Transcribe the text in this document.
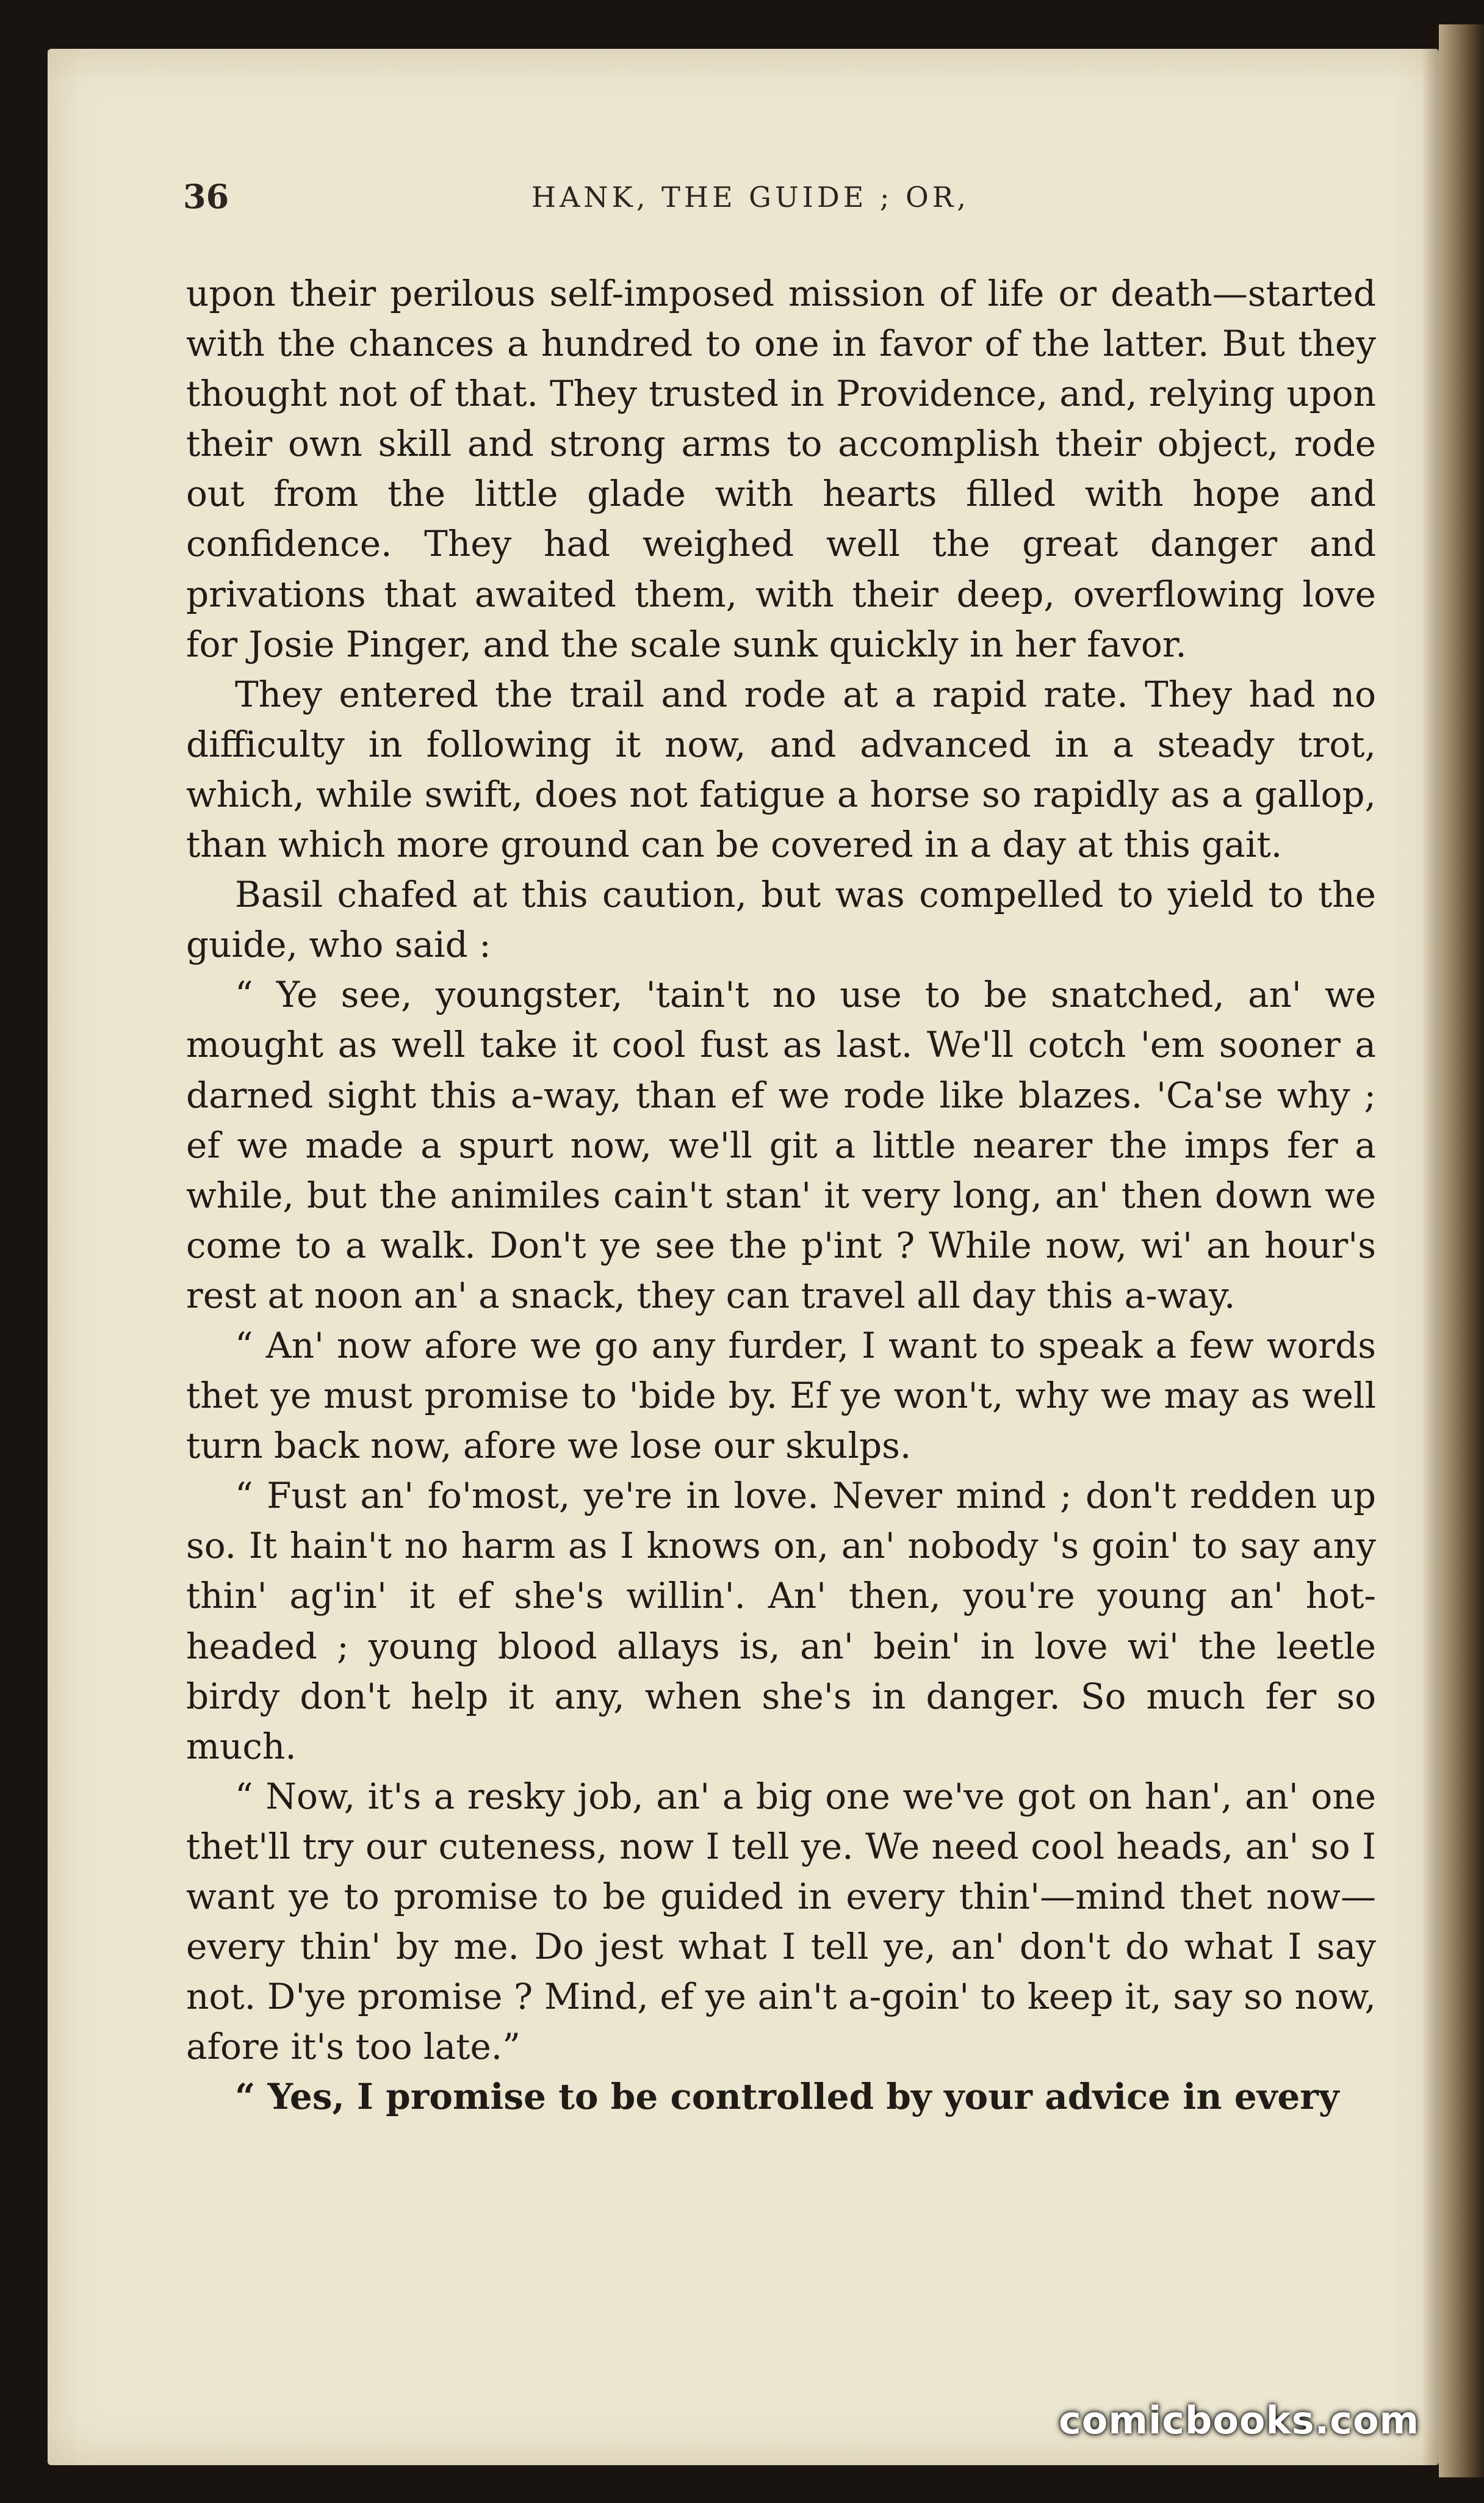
36	HANK, THE GUIDE ; OR,

upon their perilous self-imposed mission of life or death—started with the chances a hundred to one in favor of the latter. But they thought not of that. They trusted in Providence, and, relying upon their own skill and strong arms to accomplish their object, rode out from the little glade with hearts filled with hope and confidence. They had weighed well the great danger and privations that awaited them, with their deep, overflowing love for Josie Pinger, and the scale sunk quickly in her favor.

They entered the trail and rode at a rapid rate. They had no difficulty in following it now, and advanced in a steady trot, which, while swift, does not fatigue a horse so rapidly as a gallop, than which more ground can be covered in a day at this gait.

Basil chafed at this caution, but was compelled to yield to the guide, who said :

“ Ye see, youngster, 'tain't no use to be snatched, an' we mought as well take it cool fust as last. We'll cotch 'em sooner a darned sight this a-way, than ef we rode like blazes. 'Ca'se why ; ef we made a spurt now, we'll git a little nearer the imps fer a while, but the animiles cain't stan' it very long, an' then down we come to a walk. Don't ye see the p'int ? While now, wi' an hour's rest at noon an' a snack, they can travel all day this a-way.

“ An' now afore we go any furder, I want to speak a few words thet ye must promise to 'bide by. Ef ye won't, why we may as well turn back now, afore we lose our skulps.

“ Fust an' fo'most, ye're in love. Never mind ; don't redden up so. It hain't no harm as I knows on, an' nobody 's goin' to say any thin' ag'in' it ef she's willin'. An' then, you're young an' hot-headed ; young blood allays is, an' bein' in love wi' the leetle birdy don't help it any, when she's in danger. So much fer so much.

“ Now, it's a resky job, an' a big one we've got on han', an' one thet'll try our cuteness, now I tell ye. We need cool heads, an' so I want ye to promise to be guided in every thin'—mind thet now—every thin' by me. Do jest what I tell ye, an' don't do what I say not. D'ye promise ? Mind, ef ye ain't a-goin' to keep it, say so now, afore it's too late.”

“ Yes, I promise to be controlled by your advice in every

comicbooks.com
